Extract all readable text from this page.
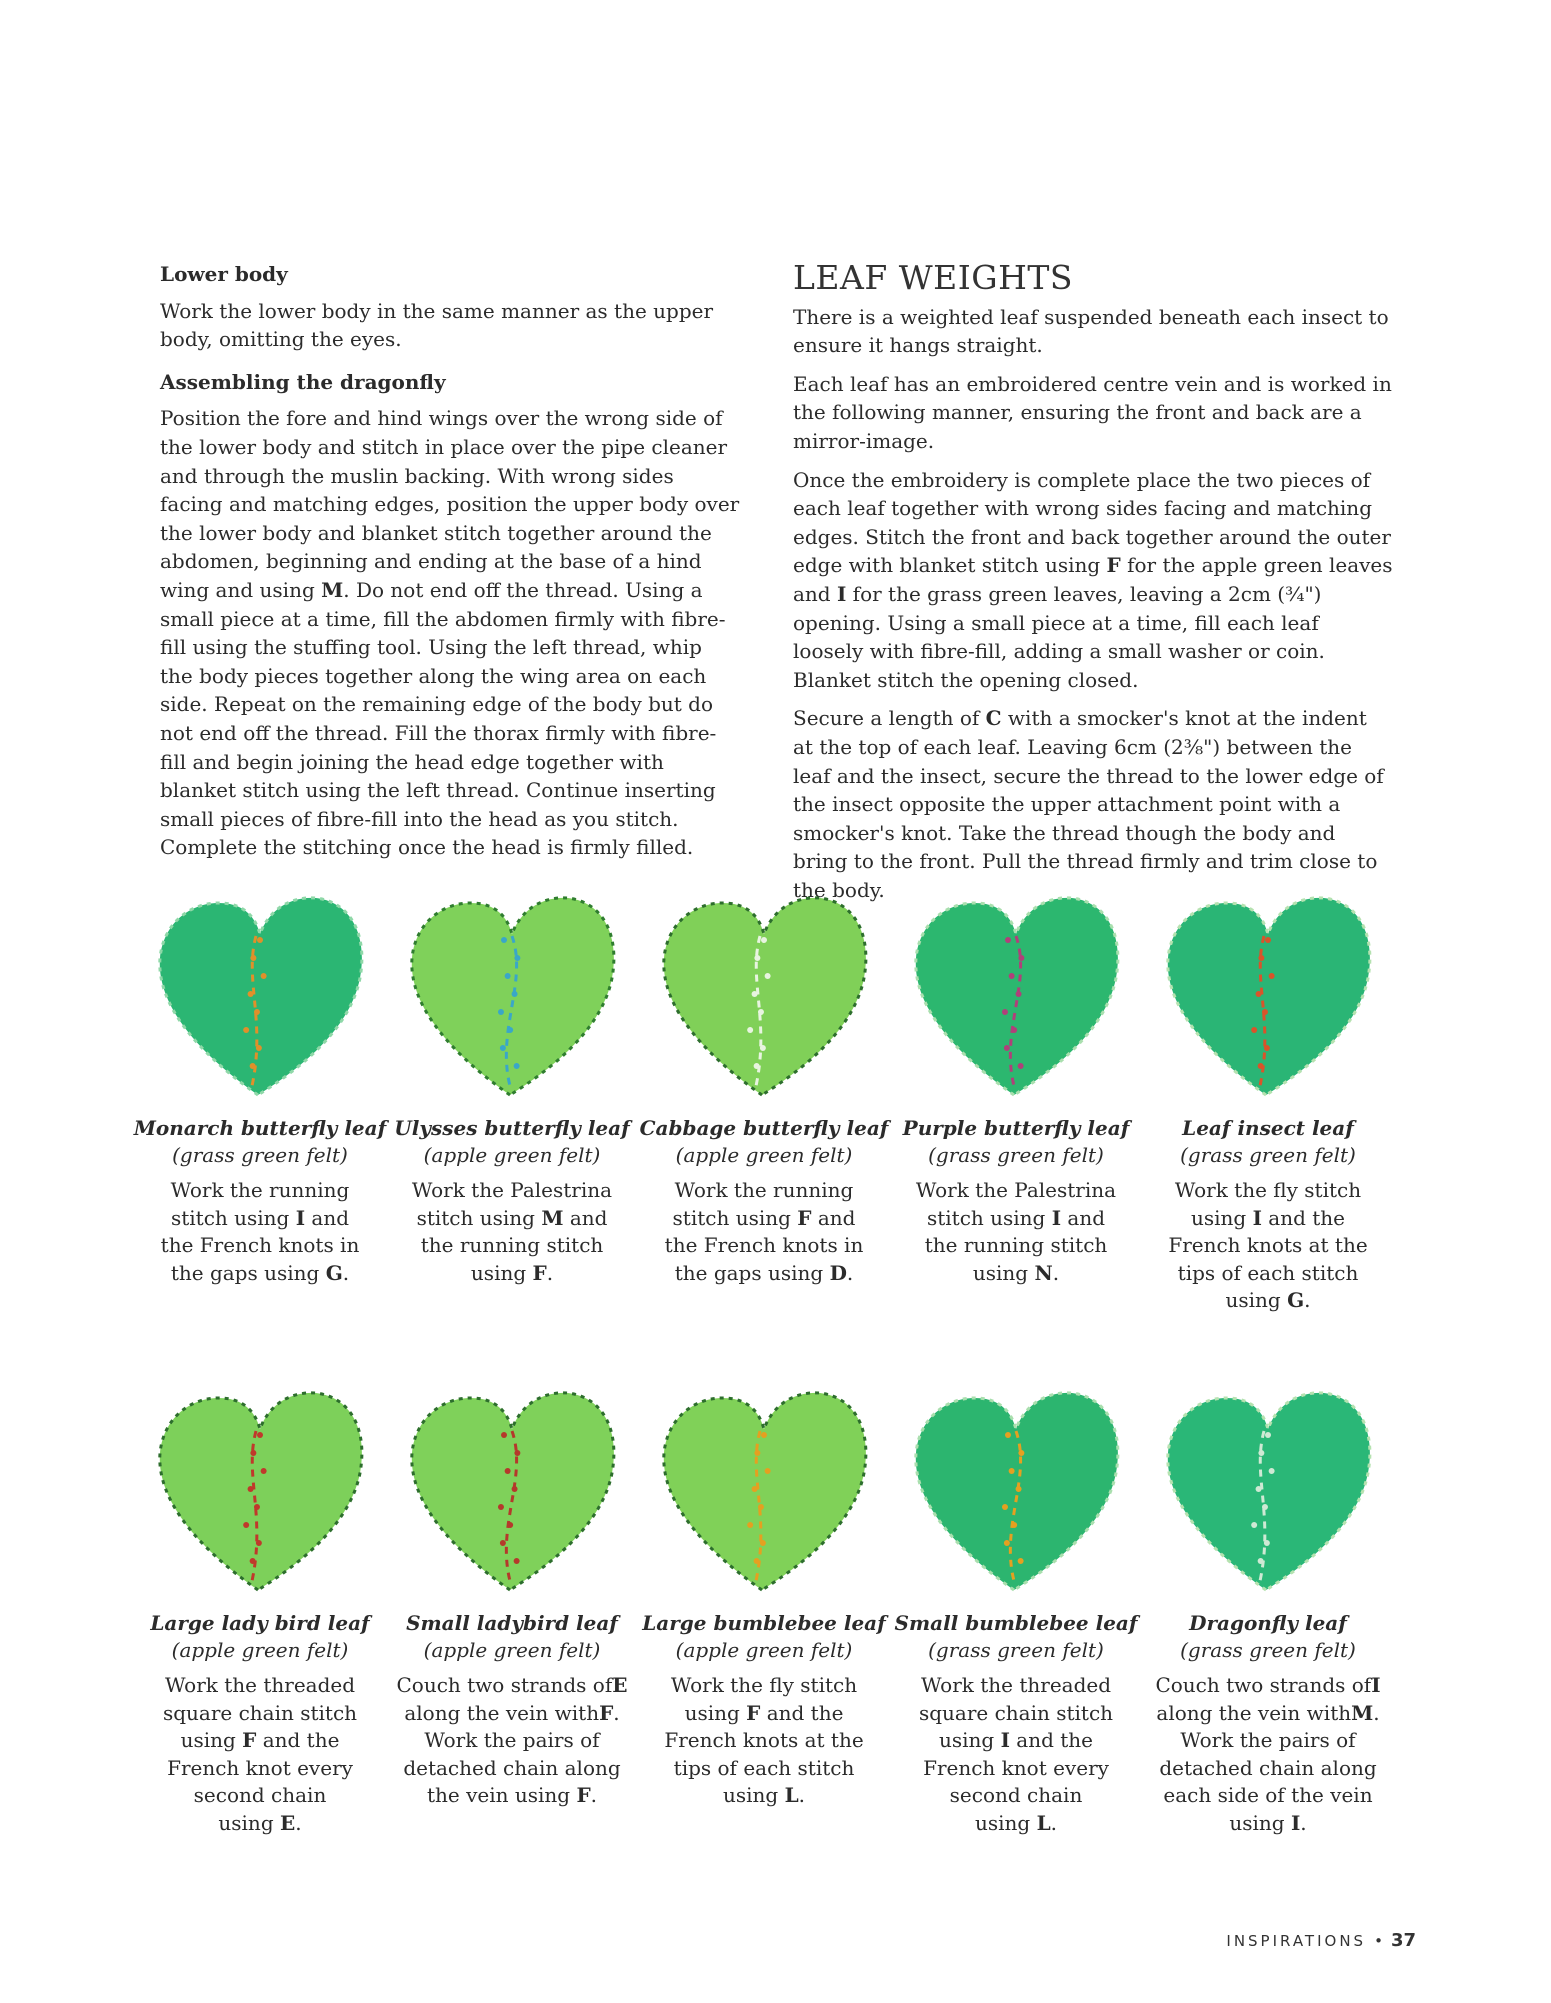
Lower body
Work the lower body in the same manner as the upper body, omitting the eyes.
Assembling the dragonfly
Position the fore and hind wings over the wrong side of the lower body and stitch in place over the pipe cleaner and through the muslin backing. With wrong sides facing and matching edges, position the upper body over the lower body and blanket stitch together around the abdomen, beginning and ending at the base of a hind wing and using M. Do not end off the thread. Using a small piece at a time, fill the abdomen firmly with fibre-fill using the stuffing tool. Using the left thread, whip the body pieces together along the wing area on each side. Repeat on the remaining edge of the body but do not end off the thread. Fill the thorax firmly with fibre-fill and begin joining the head edge together with blanket stitch using the left thread. Continue inserting small pieces of fibre-fill into the head as you stitch. Complete the stitching once the head is firmly filled.
LEAF WEIGHTS
There is a weighted leaf suspended beneath each insect to ensure it hangs straight.
Each leaf has an embroidered centre vein and is worked in the following manner, ensuring the front and back are a mirror-image.
Once the embroidery is complete place the two pieces of each leaf together with wrong sides facing and matching edges. Stitch the front and back together around the outer edge with blanket stitch using F for the apple green leaves and I for the grass green leaves, leaving a 2cm (¾") opening. Using a small piece at a time, fill each leaf loosely with fibre-fill, adding a small washer or coin. Blanket stitch the opening closed.
Secure a length of C with a smocker's knot at the indent at the top of each leaf. Leaving 6cm (2⅜") between the leaf and the insect, secure the thread to the lower edge of the insect opposite the upper attachment point with a smocker's knot. Take the thread though the body and bring to the front. Pull the thread firmly and trim close to the body.
Monarch butterfly leaf
(grass green felt)
Work the running
stitch using I and
the French knots in
the gaps using G.
Ulysses butterfly leaf
(apple green felt)
Work the Palestrina
stitch using M and
the running stitch
using F.
Cabbage butterfly leaf
(apple green felt)
Work the running
stitch using F and
the French knots in
the gaps using D.
Purple butterfly leaf
(grass green felt)
Work the Palestrina
stitch using I and
the running stitch
using N.
Leaf insect leaf
(grass green felt)
Work the fly stitch
using I and the
French knots at the
tips of each stitch
using G.
Large lady bird leaf
(apple green felt)
Work the threaded
square chain stitch
using F and the
French knot every
second chain
using E.
Small ladybird leaf
(apple green felt)
Couch two strands ofE along the vein withF. Work the pairs of
detached chain along
the vein using F.
Large bumblebee leaf
(apple green felt)
Work the fly stitch
using F and the
French knots at the
tips of each stitch
using L.
Small bumblebee leaf
(grass green felt)
Work the threaded
square chain stitch
using I and the
French knot every
second chain
using L.
Dragonfly leaf
(grass green felt)
Couch two strands ofI along the vein withM. Work the pairs of
detached chain along
each side of the vein
using I.
INSPIRATIONS • 37
